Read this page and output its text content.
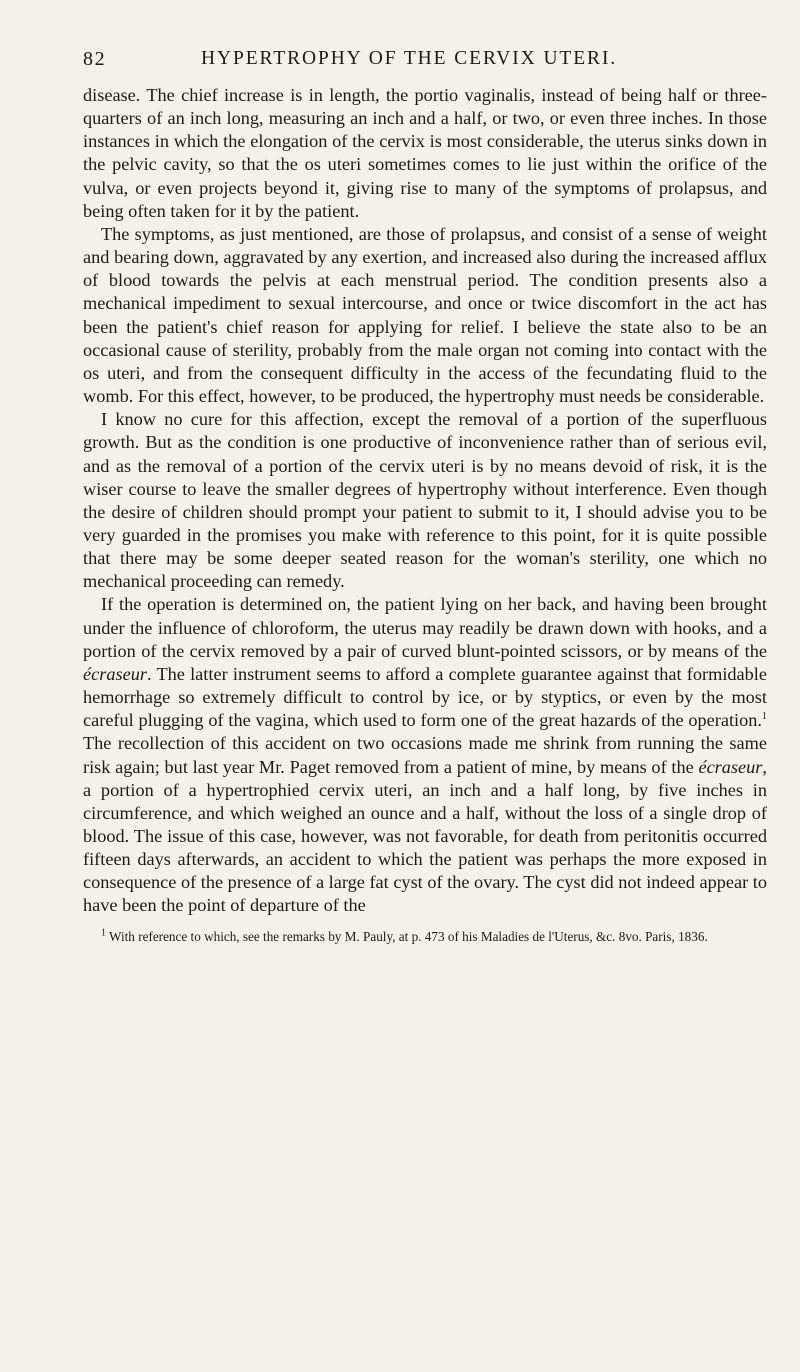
82	HYPERTROPHY OF THE CERVIX UTERI.

disease. The chief increase is in length, the portio vaginalis, instead of being half or three-quarters of an inch long, measuring an inch and a half, or two, or even three inches. In those instances in which the elongation of the cervix is most considerable, the uterus sinks down in the pelvic cavity, so that the os uteri sometimes comes to lie just within the orifice of the vulva, or even projects beyond it, giving rise to many of the symptoms of prolapsus, and being often taken for it by the patient.

The symptoms, as just mentioned, are those of prolapsus, and consist of a sense of weight and bearing down, aggravated by any exertion, and increased also during the increased afflux of blood towards the pelvis at each menstrual period. The condition presents also a mechanical impediment to sexual intercourse, and once or twice discomfort in the act has been the patient's chief reason for applying for relief. I believe the state also to be an occasional cause of sterility, probably from the male organ not coming into contact with the os uteri, and from the consequent difficulty in the access of the fecundating fluid to the womb. For this effect, however, to be produced, the hypertrophy must needs be considerable.

I know no cure for this affection, except the removal of a portion of the superfluous growth. But as the condition is one productive of inconvenience rather than of serious evil, and as the removal of a portion of the cervix uteri is by no means devoid of risk, it is the wiser course to leave the smaller degrees of hypertrophy without interference. Even though the desire of children should prompt your patient to submit to it, I should advise you to be very guarded in the promises you make with reference to this point, for it is quite possible that there may be some deeper seated reason for the woman's sterility, one which no mechanical proceeding can remedy.

If the operation is determined on, the patient lying on her back, and having been brought under the influence of chloroform, the uterus may readily be drawn down with hooks, and a portion of the cervix removed by a pair of curved blunt-pointed scissors, or by means of the écraseur. The latter instrument seems to afford a complete guarantee against that formidable hemorrhage so extremely difficult to control by ice, or by styptics, or even by the most careful plugging of the vagina, which used to form one of the great hazards of the operation.$^1$ The recollection of this accident on two occasions made me shrink from running the same risk again; but last year Mr. Paget removed from a patient of mine, by means of the écraseur, a portion of a hypertrophied cervix uteri, an inch and a half long, by five inches in circumference, and which weighed an ounce and a half, without the loss of a single drop of blood. The issue of this case, however, was not favorable, for death from peritonitis occurred fifteen days afterwards, an accident to which the patient was perhaps the more exposed in consequence of the presence of a large fat cyst of the ovary. The cyst did not indeed appear to have been the point of departure of the

$^1$ With reference to which, see the remarks by M. Pauly, at p. 473 of his Maladies de l'Uterus, &c. 8vo. Paris, 1836.
